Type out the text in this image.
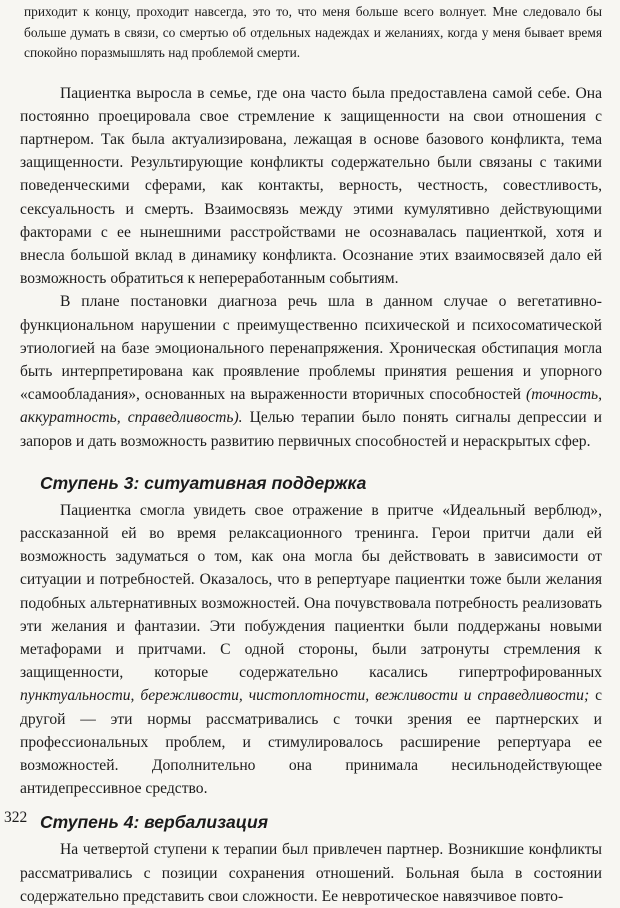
приходит к концу, проходит навсегда, это то, что меня больше всего волнует. Мне следовало бы больше думать в связи, со смертью об отдельных надеждах и желаниях, когда у меня бывает время спокойно поразмышлять над проблемой смерти.

Пациентка выросла в семье, где она часто была предоставлена самой себе. Она постоянно проецировала свое стремление к защищенности на свои отношения с партнером. Так была актуализирована, лежащая в основе базового конфликта, тема защищенности. Результирующие конфликты содержательно были связаны с такими поведенческими сферами, как контакты, верность, честность, совестливость, сексуальность и смерть. Взаимосвязь между этими кумулятивно действующими факторами с ее нынешними расстройствами не осознавалась пациенткой, хотя и внесла большой вклад в динамику конфликта. Осознание этих взаимосвязей дало ей возможность обратиться к непереработанным событиям.

В плане постановки диагноза речь шла в данном случае о вегетативно-функциональном нарушении с преимущественно психической и психосоматической этиологией на базе эмоционального перенапряжения. Хроническая обстипация могла быть интерпретирована как проявление проблемы принятия решения и упорного «самообладания», основанных на выраженности вторичных способностей (точность, аккуратность, справедливость). Целью терапии было понять сигналы депрессии и запоров и дать возможность развитию первичных способностей и нераскрытых сфер.

Ступень 3: ситуативная поддержка

Пациентка смогла увидеть свое отражение в притче «Идеальный верблюд», рассказанной ей во время релаксационного тренинга. Герои притчи дали ей возможность задуматься о том, как она могла бы действовать в зависимости от ситуации и потребностей. Оказалось, что в репертуаре пациентки тоже были желания подобных альтернативных возможностей. Она почувствовала потребность реализовать эти желания и фантазии. Эти побуждения пациентки были поддержаны новыми метафорами и притчами. С одной стороны, были затронуты стремления к защищенности, которые содержательно касались гипертрофированных пунктуальности, бережливости, чистоплотности, вежливости и справедливости; с другой — эти нормы рассматривались с точки зрения ее партнерских и профессиональных проблем, и стимулировалось расширение репертуара ее возможностей. Дополнительно она принимала несильнодействующее антидепрессивное средство.

Ступень 4: вербализация

На четвертой ступени к терапии был привлечен партнер. Возникшие конфликты рассматривались с позиции сохранения отношений. Больная была в состоянии содержательно представить свои сложности. Ее невротическое навязчивое повто-

322
